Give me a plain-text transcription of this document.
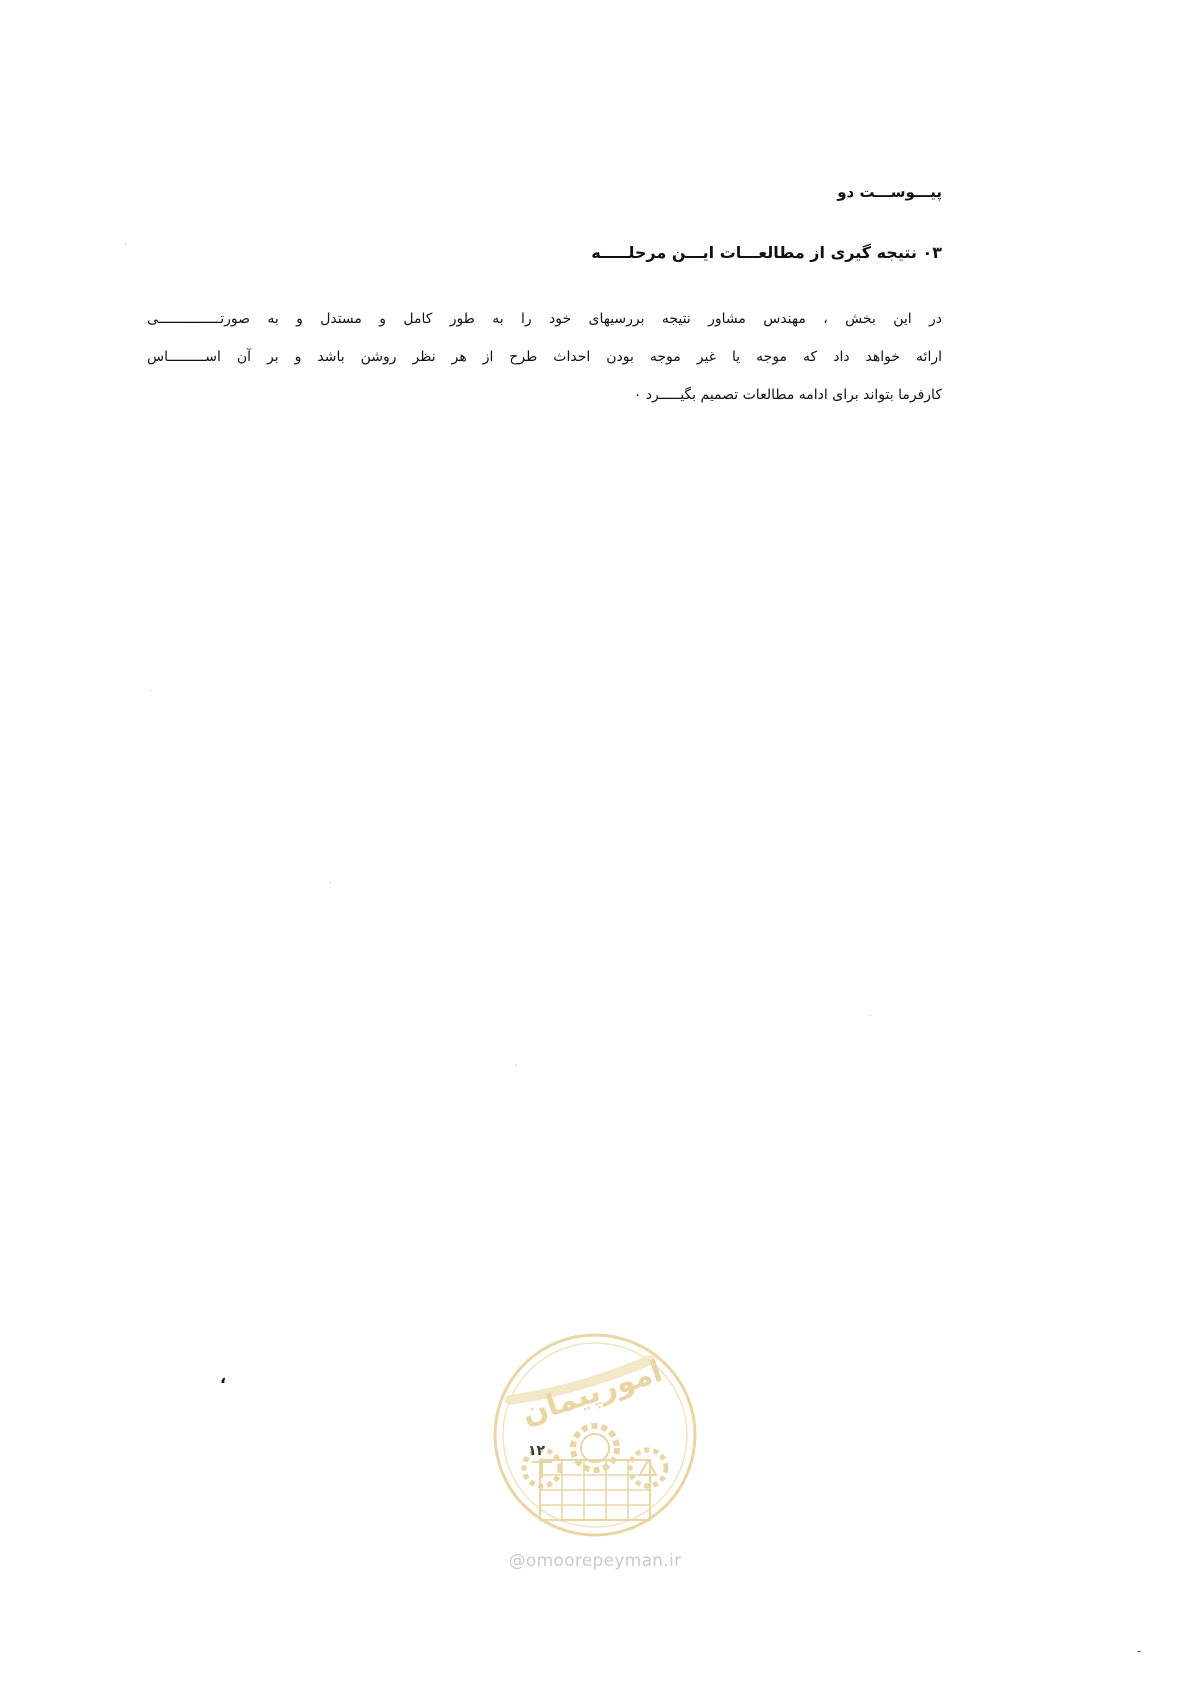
پیـــوســـت دو
۰۳ نتیجه گیری از مطالعـــات ایـــن مرحلـــــه
در این بخش ، مهندس مشاور نتیجه بررسیهای خود را به طور کامل و مستدل و به صورتـــــــــــــــی
ارائه خواهد داد که موجه یا غیر موجه بودن احداث طرح از هر نظر روشن باشد و بر آن اســـــــــاس
کارفرما بتواند برای ادامه مطالعات تصمیم بگیـــــرد ۰
،	امورپیمان
۱۲
@omoorepeyman.ir
-
